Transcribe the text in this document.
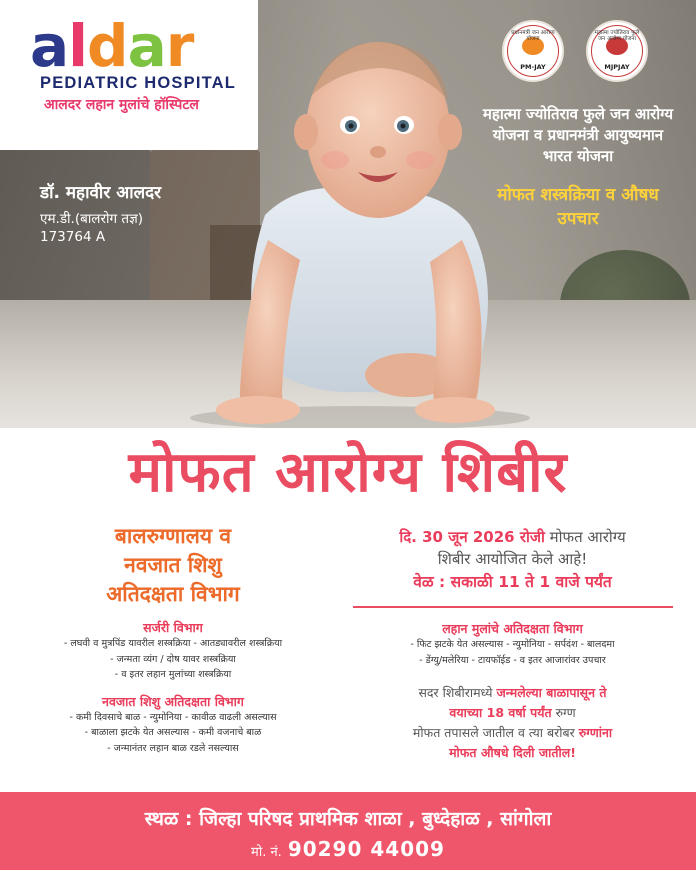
a l d a r
PEDIATRIC HOSPITAL
आलदर लहान मुलांचे हॉस्पिटल
डॉ. महावीर आलदर
एम.डी.(बालरोग तज्ञ)
173764 A
प्रधानमंत्री जन आरोग्य योजना
PM-JAY
महात्मा ज्योतिराव फुले जन आरोग्य योजना
MJPJAY
महात्मा ज्योतिराव फुले जन आरोग्य योजना व प्रधानमंत्री आयुष्यमान भारत योजना
मोफत शस्त्रक्रिया व औषध उपचार
मोफत आरोग्य शिबीर
बालरुग्णालय व
नवजात शिशु
अतिदक्षता विभाग
सर्जरी विभाग
- लघवी व मुत्रपिंड यावरील शस्त्रक्रिया - आतड्यावरील शस्त्रक्रिया
- जन्मता व्यंग / दोष यावर शस्त्रक्रिया
- व इतर लहान मुलांच्या शस्त्रक्रिया
नवजात शिशु अतिदक्षता विभाग
- कमी दिवसाचे बाळ - न्युमोनिया - कावीळ वाढली असल्यास
- बाळाला झटके येत असल्यास - कमी वजनाचे बाळ
- जन्मानंतर लहान बाळ रडले नसल्यास
दि. 30 जून 2026 रोजी मोफत आरोग्य
शिबीर आयोजित केले आहे!
वेळ : सकाळी 11 ते 1 वाजे पर्यंत
लहान मुलांचे अतिदक्षता विभाग
- फिट झटके येत असल्यास - न्युमोनिया - सर्पदंश - बालदमा
- डेंग्यु/मलेरिया - टायफॉईड - व इतर आजारांवर उपचार
सदर शिबीरामध्ये जन्मलेल्या बाळापासून ते
वयाच्या 18 वर्षा पर्यंत रुग्ण
मोफत तपासले जातील व त्या बरोबर रुग्णांना
मोफत औषधे दिली जातील!
स्थळ : जिल्हा परिषद प्राथमिक शाळा , बुध्देहाळ , सांगोला
मो. नं. 90290 44009
